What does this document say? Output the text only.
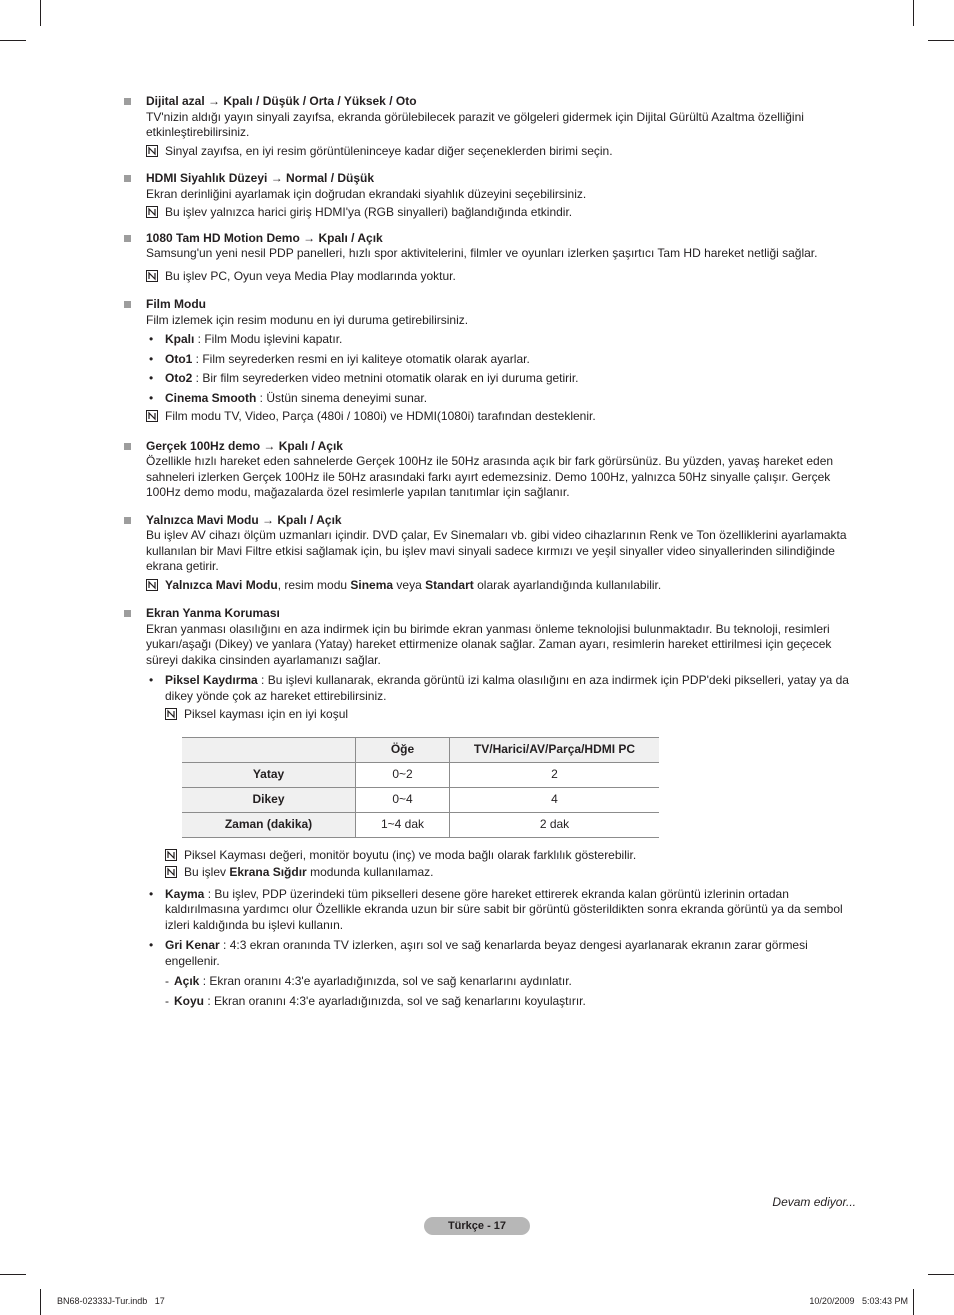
Dijital azal → Kpalı / Düşük / Orta / Yüksek / Oto

TV'nizin aldığı yayın sinyali zayıfsa, ekranda görülebilecek parazit ve gölgeleri gidermek için Dijital Gürültü Azaltma özelliğini etkinleştirebilirsiniz.

Sinyal zayıfsa, en iyi resim görüntüleninceye kadar diğer seçeneklerden birimi seçin.

HDMI Siyahlık Düzeyi → Normal / Düşük

Ekran derinliğini ayarlamak için doğrudan ekrandaki siyahlık düzeyini seçebilirsiniz.

Bu işlev yalnızca harici giriş HDMI'ya (RGB sinyalleri) bağlandığında etkindir.

1080 Tam HD Motion Demo → Kpalı / Açık

Samsung'un yeni nesil PDP panelleri, hızlı spor aktivitelerini, filmler ve oyunları izlerken şaşırtıcı Tam HD hareket netliği sağlar.

Bu işlev PC, Oyun veya Media Play modlarında yoktur.

Film Modu

Film izlemek için resim modunu en iyi duruma getirebilirsiniz.

• Kpalı : Film Modu işlevini kapatır.
• Oto1 : Film seyrederken resmi en iyi kaliteye otomatik olarak ayarlar.
• Oto2 : Bir film seyrederken video metnini otomatik olarak en iyi duruma getirir.
• Cinema Smooth : Üstün sinema deneyimi sunar.
Film modu TV, Video, Parça (480i / 1080i) ve HDMI(1080i) tarafından desteklenir.

Gerçek 100Hz demo → Kpalı / Açık

Özellikle hızlı hareket eden sahnelerde Gerçek 100Hz ile 50Hz arasında açık bir fark görürsünüz. Bu yüzden, yavaş hareket eden sahneleri izlerken Gerçek 100Hz ile 50Hz arasındaki farkı ayırt edemezsiniz. Demo 100Hz, yalnızca 50Hz sinyalle çalışır. Gerçek 100Hz demo modu, mağazalarda özel resimlerle yapılan tanıtımlar için sağlanır.

Yalnızca Mavi Modu → Kpalı / Açık

Bu işlev AV cihazı ölçüm uzmanları içindir. DVD çalar, Ev Sinemaları vb. gibi video cihazlarının Renk ve Ton özelliklerini ayarlamakta kullanılan bir Mavi Filtre etkisi sağlamak için, bu işlev mavi sinyali sadece kırmızı ve yeşil sinyaller video sinyallerinden silindiğinde ekrana getirir.

Yalnızca Mavi Modu, resim modu Sinema veya Standart olarak ayarlandığında kullanılabilir.

Ekran Yanma Koruması

Ekran yanması olasılığını en aza indirmek için bu birimde ekran yanması önleme teknolojisi bulunmaktadır. Bu teknoloji, resimleri yukarı/aşağı (Dikey) ve yanlara (Yatay) hareket ettirmenize olanak sağlar. Zaman ayarı, resimlerin hareket ettirilmesi için geçecek süreyi dakika cinsinden ayarlamanızı sağlar.

• Piksel Kaydırma : Bu işlevi kullanarak, ekranda görüntü izi kalma olasılığını en aza indirmek için PDP'deki pikselleri, yatay ya da dikey yönde çok az hareket ettirebilirsiniz.
Piksel kayması için en iyi koşul
	Öğe	TV/Harici/AV/Parça/HDMI PC
Yatay	0~2	2
Dikey	0~4	4
Zaman (dakika)	1~4 dak	2 dak
Piksel Kayması değeri, monitör boyutu (inç) ve moda bağlı olarak farklılık gösterebilir.
Bu işlev Ekrana Sığdır modunda kullanılamaz.
• Kayma : Bu işlev, PDP üzerindeki tüm pikselleri desene göre hareket ettirerek ekranda kalan görüntü izlerinin ortadan kaldırılmasına yardımcı olur Özellikle ekranda uzun bir süre sabit bir görüntü gösterildikten sonra ekranda görüntü ya da sembol izleri kaldığında bu işlevi kullanın.
• Gri Kenar : 4:3 ekran oranında TV izlerken, aşırı sol ve sağ kenarlarda beyaz dengesi ayarlanarak ekranın zarar görmesi engellenir.
- Açık : Ekran oranını 4:3'e ayarladığınızda, sol ve sağ kenarlarını aydınlatır.
- Koyu : Ekran oranını 4:3'e ayarladığınızda, sol ve sağ kenarlarını koyulaştırır.
Devam ediyor...
Türkçe - 17
BN68-02333J-Tur.indb   17	10/20/2009   5:03:43 PM
